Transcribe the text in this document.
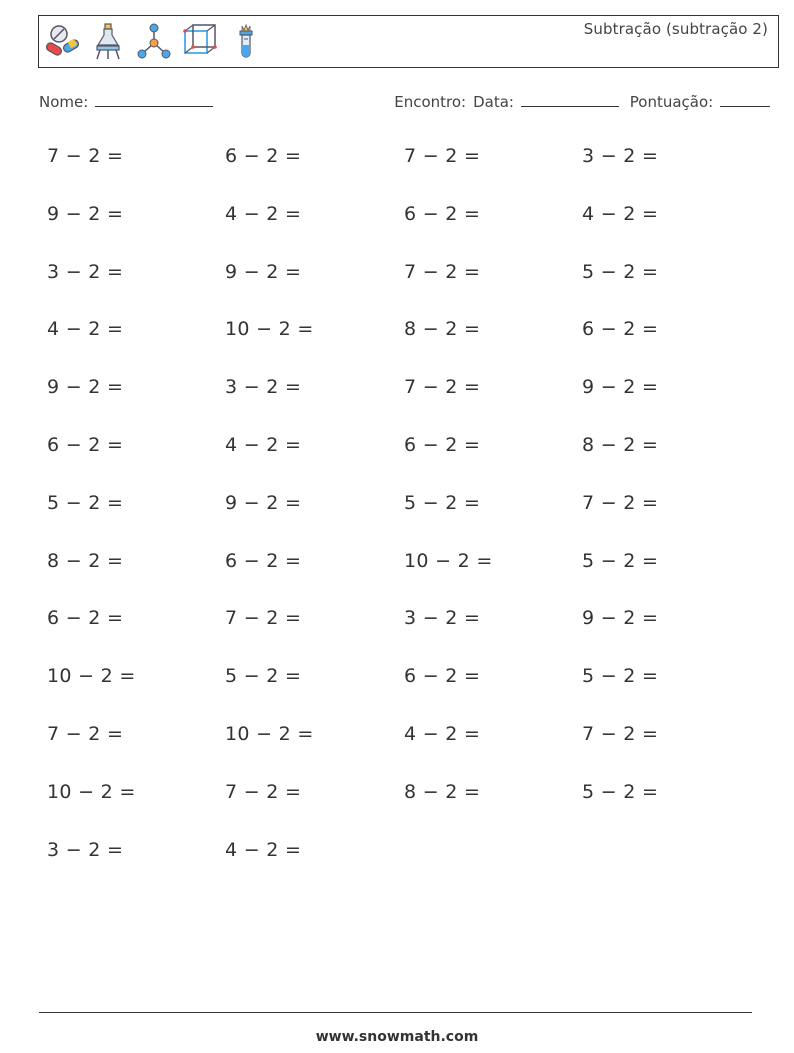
Subtração (subtração 2)
Nome:	Encontro: Data:	Pontuação:
7 − 2 =	6 − 2 =	7 − 2 =	3 − 2 =
9 − 2 =	4 − 2 =	6 − 2 =	4 − 2 =
3 − 2 =	9 − 2 =	7 − 2 =	5 − 2 =
4 − 2 =	10 − 2 =	8 − 2 =	6 − 2 =
9 − 2 =	3 − 2 =	7 − 2 =	9 − 2 =
6 − 2 =	4 − 2 =	6 − 2 =	8 − 2 =
5 − 2 =	9 − 2 =	5 − 2 =	7 − 2 =
8 − 2 =	6 − 2 =	10 − 2 =	5 − 2 =
6 − 2 =	7 − 2 =	3 − 2 =	9 − 2 =
10 − 2 =	5 − 2 =	6 − 2 =	5 − 2 =
7 − 2 =	10 − 2 =	4 − 2 =	7 − 2 =
10 − 2 =	7 − 2 =	8 − 2 =	5 − 2 =
3 − 2 =	4 − 2 =
www.snowmath.com
